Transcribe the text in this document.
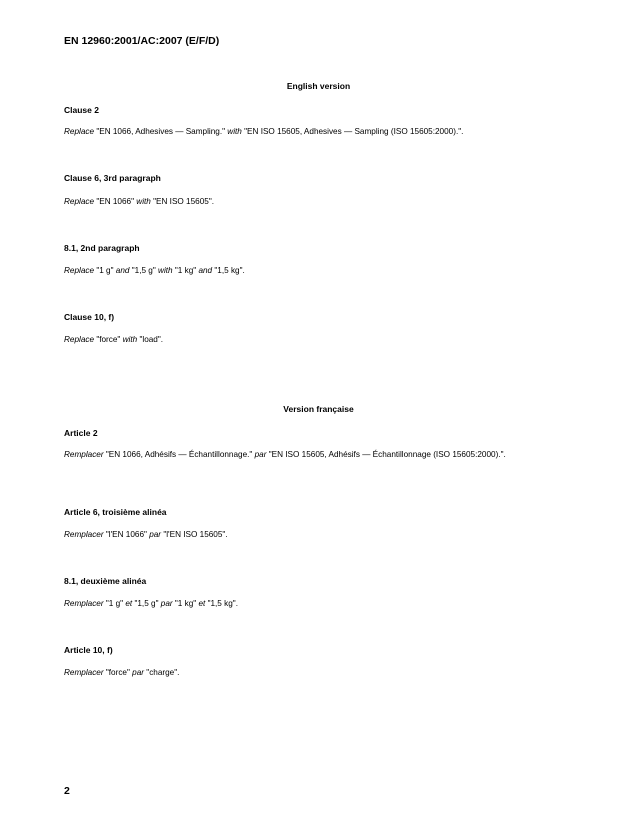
EN 12960:2001/AC:2007 (E/F/D)
English version
Clause 2
Replace "EN 1066, Adhesives — Sampling." with "EN ISO 15605, Adhesives — Sampling (ISO 15605:2000).".
Clause 6, 3rd paragraph
Replace "EN 1066" with "EN ISO 15605".
8.1, 2nd paragraph
Replace "1 g" and "1,5 g" with "1 kg" and "1,5 kg".
Clause 10, f)
Replace "force" with "load".
Version française
Article 2
Remplacer "EN 1066, Adhésifs — Échantillonnage." par "EN ISO 15605, Adhésifs — Échantillonnage (ISO 15605:2000).".
Article 6, troisième alinéa
Remplacer "l'EN 1066" par "l'EN ISO 15605".
8.1, deuxième alinéa
Remplacer "1 g" et "1,5 g" par "1 kg" et "1,5 kg".
Article 10, f)
Remplacer "force" par "charge".
2
